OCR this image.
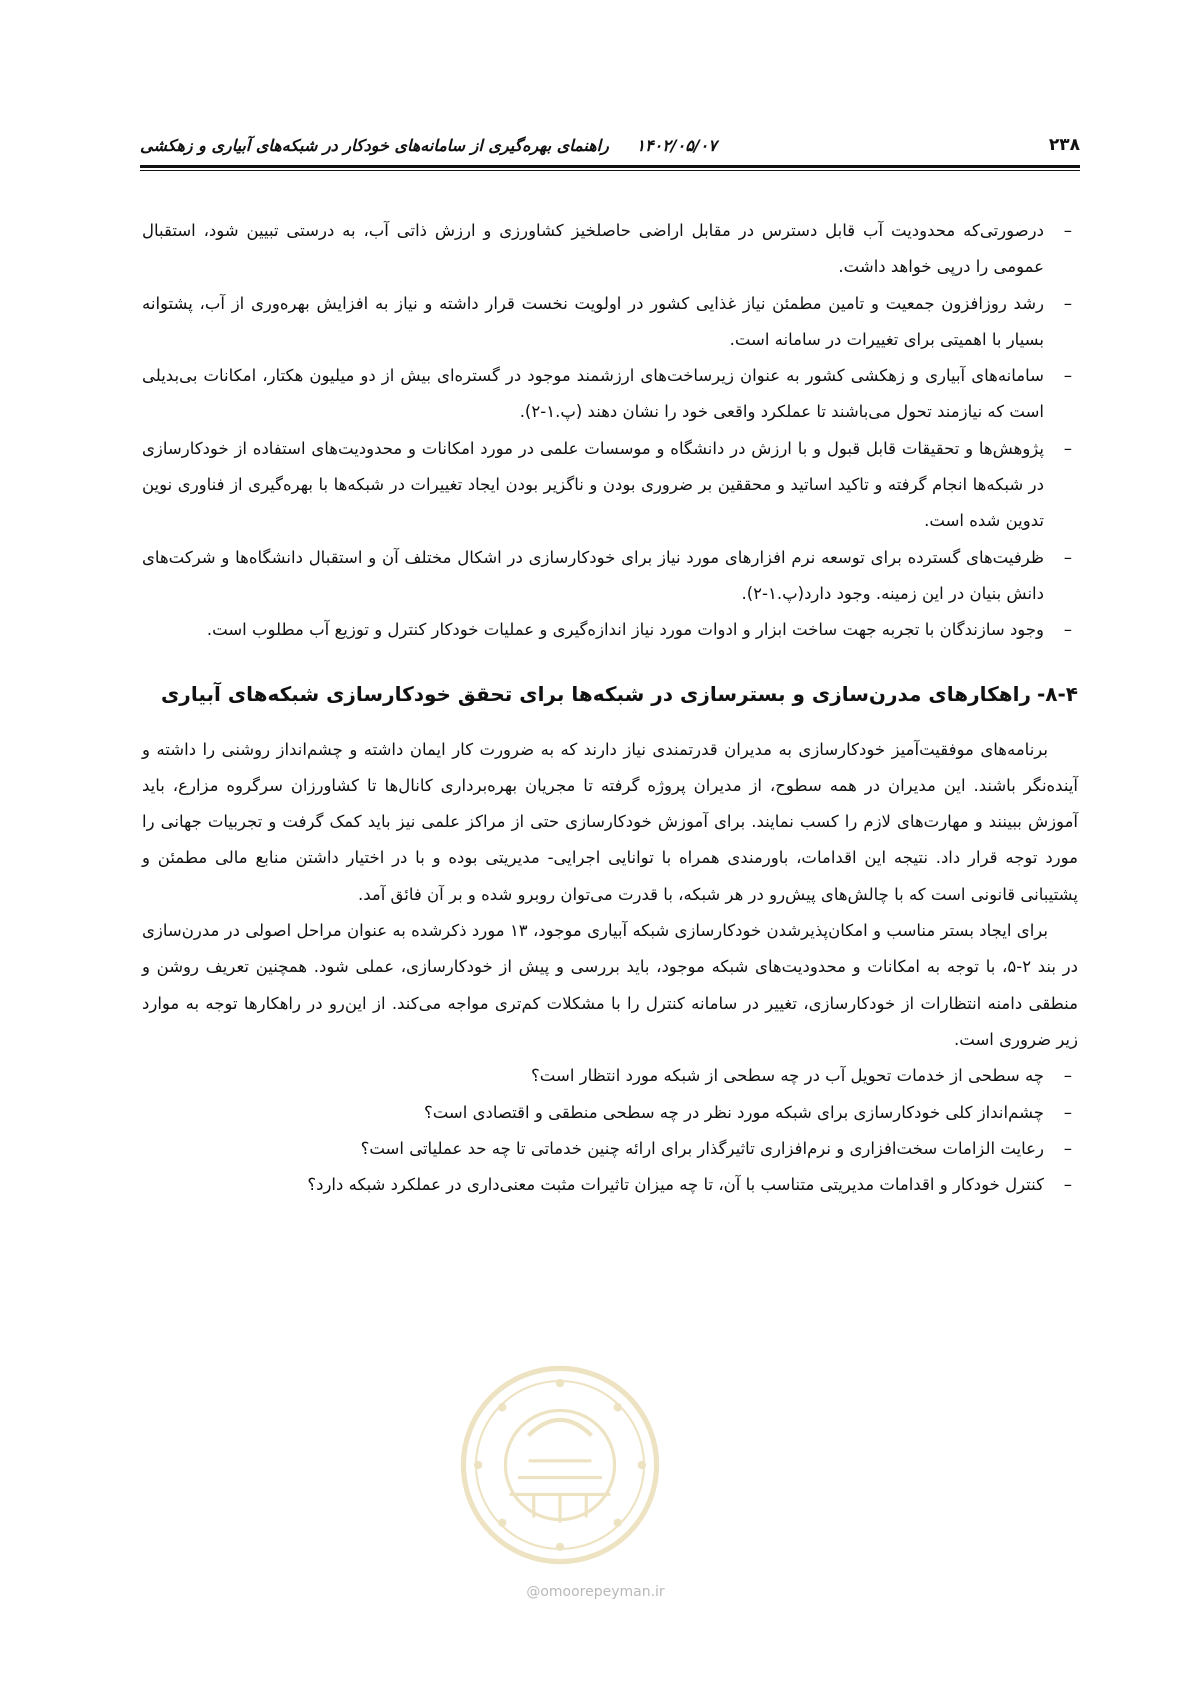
۲۳۸
۱۴۰۲/۰۵/۰۷ راهنمای بهره‌گیری از سامانه‌های خودکار در شبکه‌های آبیاری و زهکشی
– درصورتی‌که محدودیت آب قابل دسترس در مقابل اراضی حاصلخیز کشاورزی و ارزش ذاتی آب، به درستی تبیین شود، استقبال عمومی را درپی خواهد داشت.
– رشد روزافزون جمعیت و تامین مطمئن نیاز غذایی کشور در اولویت نخست قرار داشته و نیاز به افزایش بهره‌وری از آب، پشتوانه بسیار با اهمیتی برای تغییرات در سامانه است.
– سامانه‌های آبیاری و زهکشی کشور به عنوان زیرساخت‌های ارزشمند موجود در گستره‌ای بیش از دو میلیون هکتار، امکانات بی‌بدیلی است که نیازمند تحول می‌باشند تا عملکرد واقعی خود را نشان دهند (پ.۱-۲).
– پژوهش‌ها و تحقیقات قابل قبول و با ارزش در دانشگاه و موسسات علمی در مورد امکانات و محدودیت‌های استفاده از خودکارسازی در شبکه‌ها انجام گرفته و تاکید اساتید و محققین بر ضروری بودن و ناگزیر بودن ایجاد تغییرات در شبکه‌ها با بهره‌گیری از فناوری نوین تدوین شده است.
– ظرفیت‌های گسترده برای توسعه نرم افزارهای مورد نیاز برای خودکارسازی در اشکال مختلف آن و استقبال دانشگاه‌ها و شرکت‌های دانش بنیان در این زمینه. وجود دارد(پ.۱-۲).
– وجود سازندگان با تجربه جهت ساخت ابزار و ادوات مورد نیاز اندازه‌گیری و عملیات خودکار کنترل و توزیع آب مطلوب است.
۸-۴-راهکارهای مدرن‌سازی و بسترسازی در شبکه‌ها برای تحقق خودکارسازی شبکه‌های آبیاری

برنامه‌های موفقیت‌آمیز خودکارسازی به مدیران قدرتمندی نیاز دارند که به ضرورت کار ایمان داشته و چشم‌انداز روشنی را داشته و آینده‌نگر باشند. این مدیران در همه سطوح، از مدیران پروژه گرفته تا مجریان بهره‌برداری کانال‌ها تا کشاورزان سرگروه مزارع، باید آموزش ببینند و مهارت‌های لازم را کسب نمایند. برای آموزش خودکارسازی حتی از مراکز علمی نیز باید کمک گرفت و تجربیات جهانی را مورد توجه قرار داد. نتیجه این اقدامات، باورمندی همراه با توانایی اجرایی- مدیریتی بوده و با در اختیار داشتن منابع مالی مطمئن و پشتیبانی قانونی است که با چالش‌های پیش‌رو در هر شبکه، با قدرت می‌توان روبرو شده و بر آن فائق آمد.

برای ایجاد بستر مناسب و امکان‌پذیرشدن خودکارسازی شبکه آبیاری موجود، ۱۳ مورد ذکرشده به عنوان مراحل اصولی در مدرن‌سازی در بند ۲-۵، با توجه به امکانات و محدودیت‌های شبکه موجود، باید بررسی و پیش از خودکارسازی، عملی شود. همچنین تعریف روشن و منطقی دامنه انتظارات از خودکارسازی، تغییر در سامانه کنترل را با مشکلات کم‌تری مواجه می‌کند. از این‌رو در راهکارها توجه به موارد زیر ضروری است.

– چه سطحی از خدمات تحویل آب در چه سطحی از شبکه مورد انتظار است؟
– چشم‌انداز کلی خودکارسازی برای شبکه مورد نظر در چه سطحی منطقی و اقتصادی است؟
– رعایت الزامات سخت‌افزاری و نرم‌افزاری تاثیرگذار برای ارائه چنین خدماتی تا چه حد عملیاتی است؟
– کنترل خودکار و اقدامات مدیریتی متناسب با آن، تا چه میزان تاثیرات مثبت معنی‌داری در عملکرد شبکه دارد؟
@omoorepeyman.ir
